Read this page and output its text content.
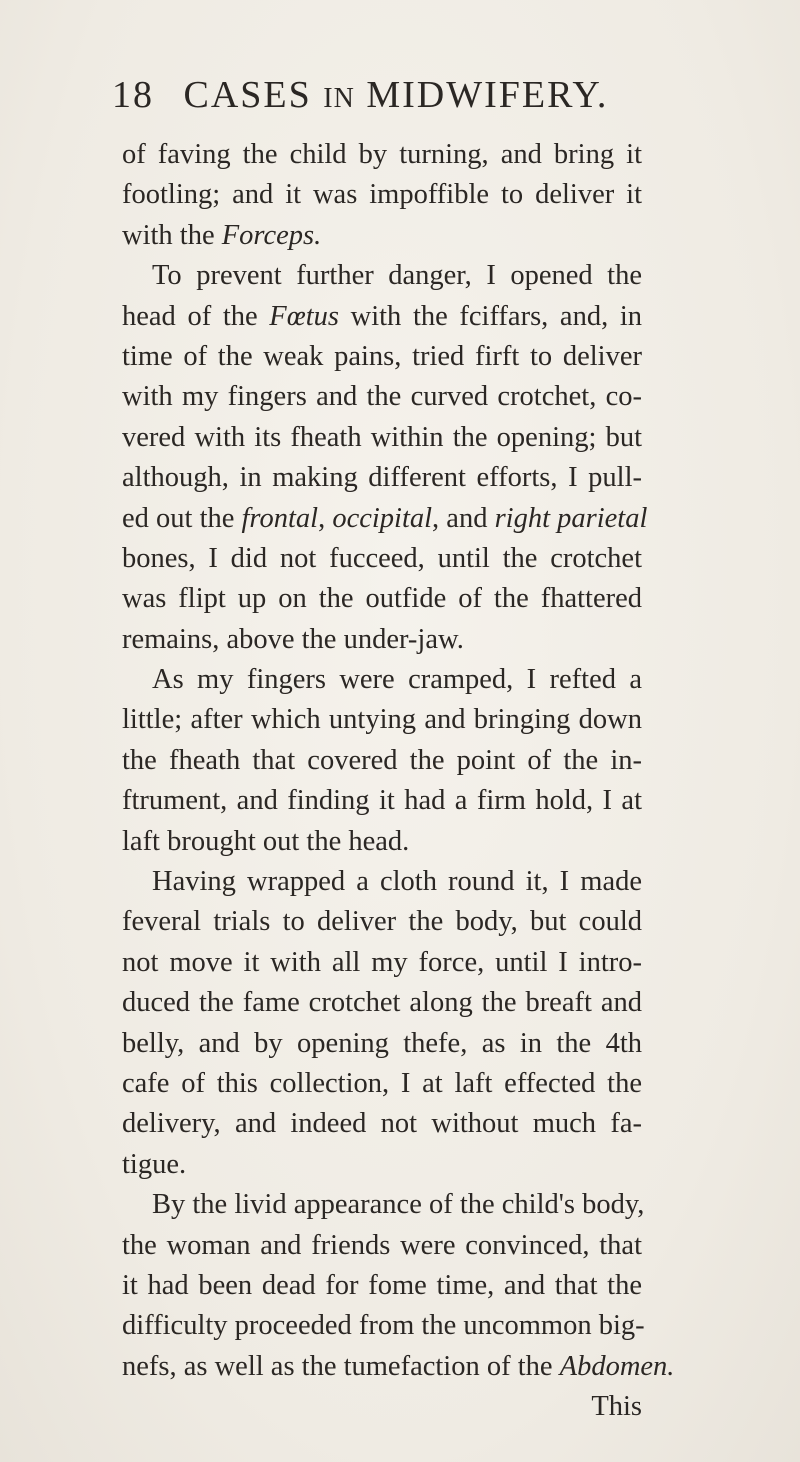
18 CASES IN MIDWIFERY.
of faving the child by turning, and bring it
footling; and it was impoffible to deliver it
with the Forceps.
To prevent further danger, I opened the
head of the Fœtus with the fciffars, and, in
time of the weak pains, tried firft to deliver
with my fingers and the curved crotchet, co-
vered with its fheath within the opening; but
although, in making different efforts, I pull-
ed out the frontal, occipital, and right parietal
bones, I did not fucceed, until the crotchet
was flipt up on the outfide of the fhattered
remains, above the under-jaw.
As my fingers were cramped, I refted a
little; after which untying and bringing down
the fheath that covered the point of the in-
ftrument, and finding it had a firm hold, I at
laft brought out the head.
Having wrapped a cloth round it, I made
feveral trials to deliver the body, but could
not move it with all my force, until I intro-
duced the fame crotchet along the breaft and
belly, and by opening thefe, as in the 4th
cafe of this collection, I at laft effected the
delivery, and indeed not without much fa-
tigue.
By the livid appearance of the child's body,
the woman and friends were convinced, that
it had been dead for fome time, and that the
difficulty proceeded from the uncommon big-
nefs, as well as the tumefaction of the Abdomen.
This
